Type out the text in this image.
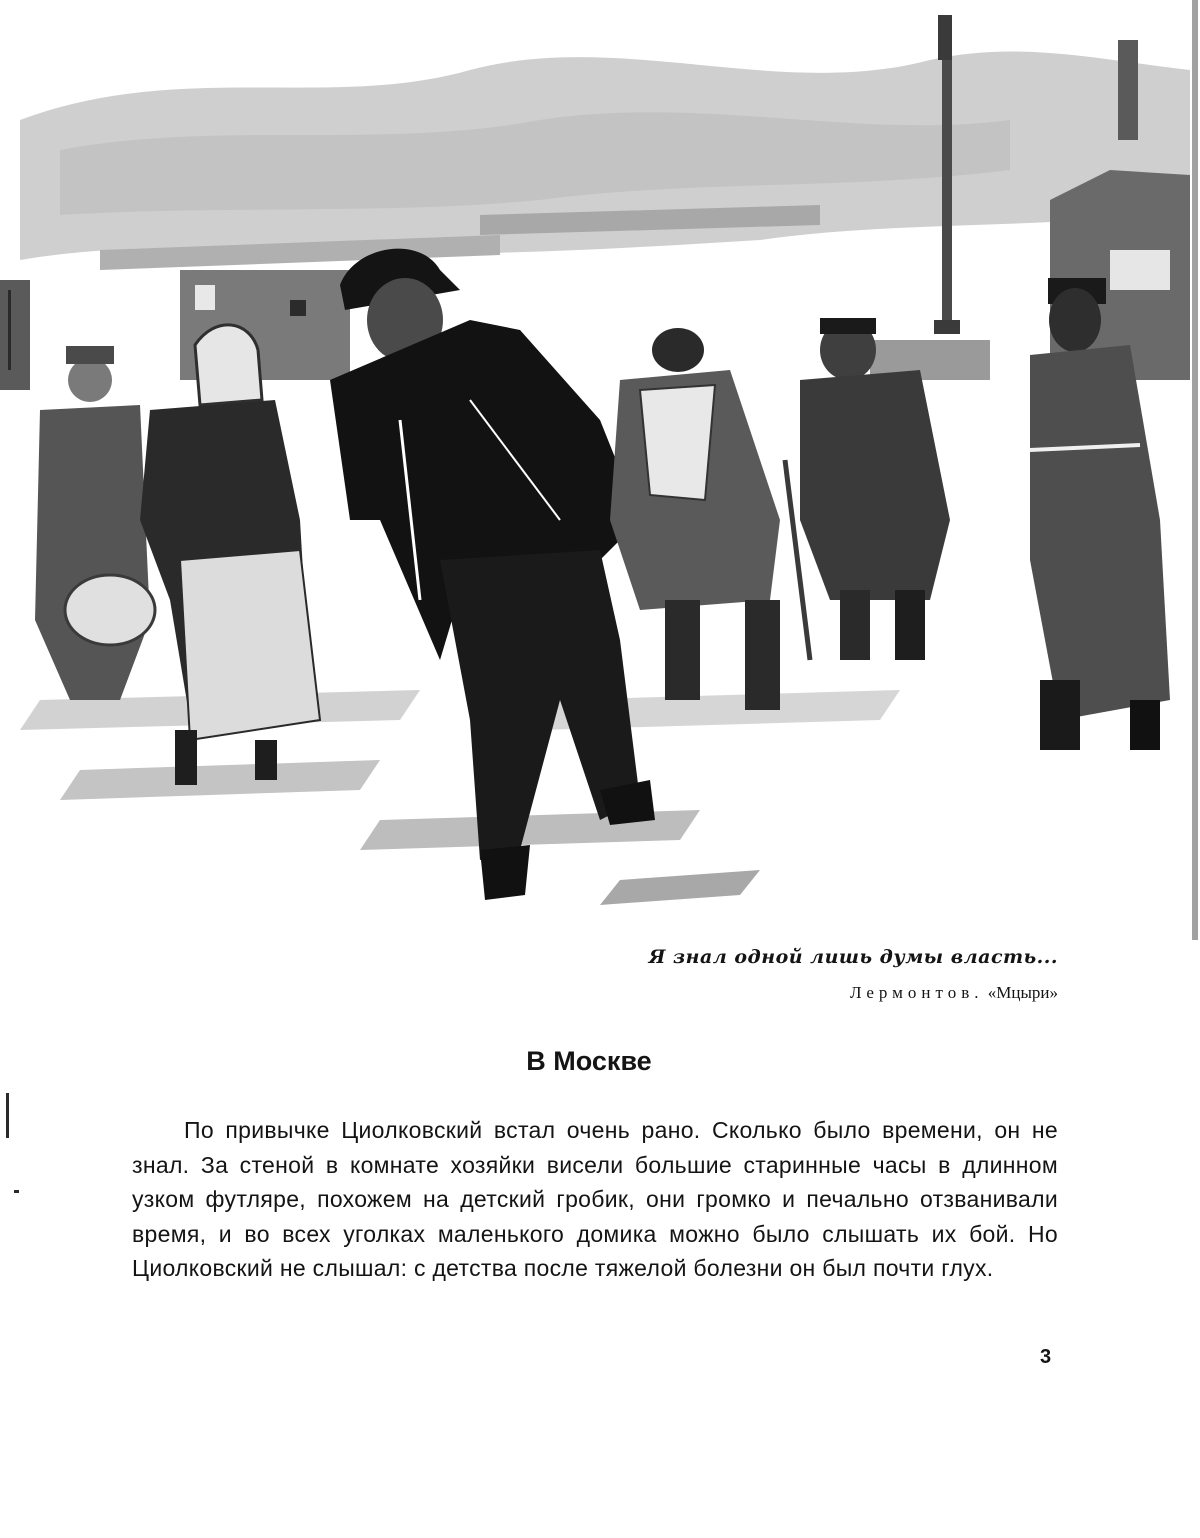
Я знал одной лишь думы власть...

Лермонтов. «Мцыри»

В Москве

По привычке Циолковский встал очень рано. Сколько было времени, он не знал. За стеной в комнате хозяйки висели большие старинные часы в длинном узком футляре, похожем на детский гробик, они громко и печально отзванивали время, и во всех уголках маленького домика можно было слышать их бой. Но Циолковский не слышал: с детства после тяжелой болезни он был почти глух.

3
